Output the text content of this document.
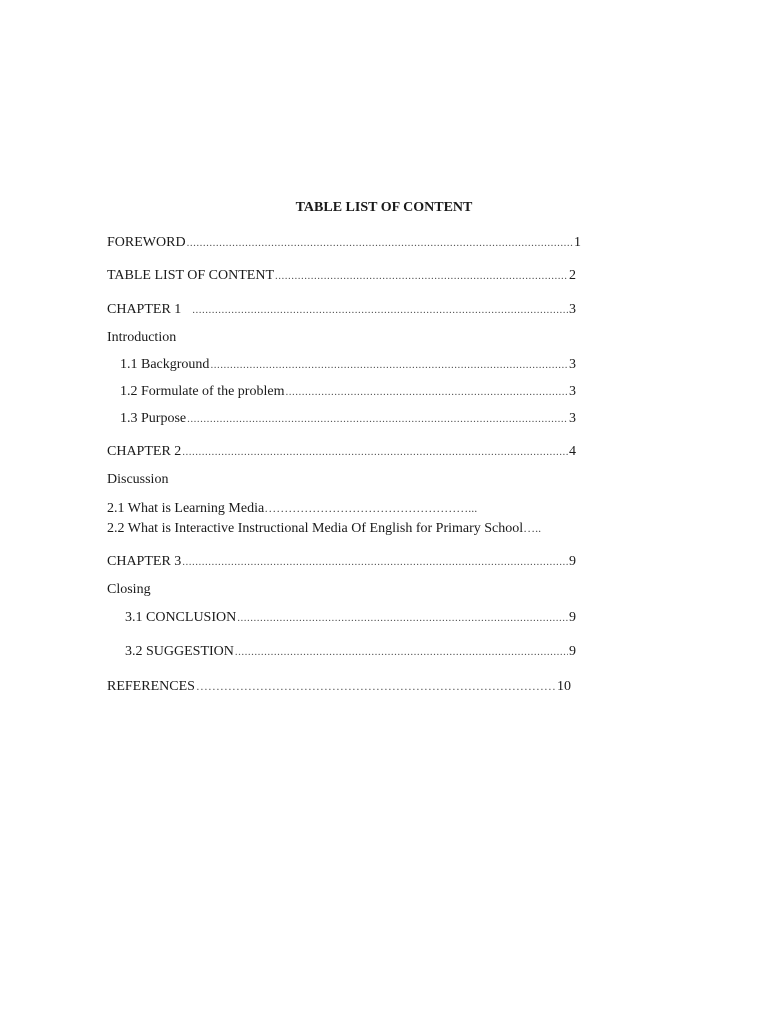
TABLE LIST OF CONTENT
FOREWORD .....	1
TABLE LIST OF CONTENT .....	2
CHAPTER 1 .....	3
Introduction
1.1 Background .....	3
1.2 Formulate of the problem .....	3
1.3 Purpose .....	3
CHAPTER 2 .....	4
Discussion
2.1 What is Learning Media……………………………………………...
2.2 What is Interactive Instructional Media Of English for Primary School…..
CHAPTER 3 .....	9
Closing
3.1 CONCLUSION .....	9
3.2 SUGGESTION .....	9
REFERENCES ……………………………………………………………………………………………………………	10
